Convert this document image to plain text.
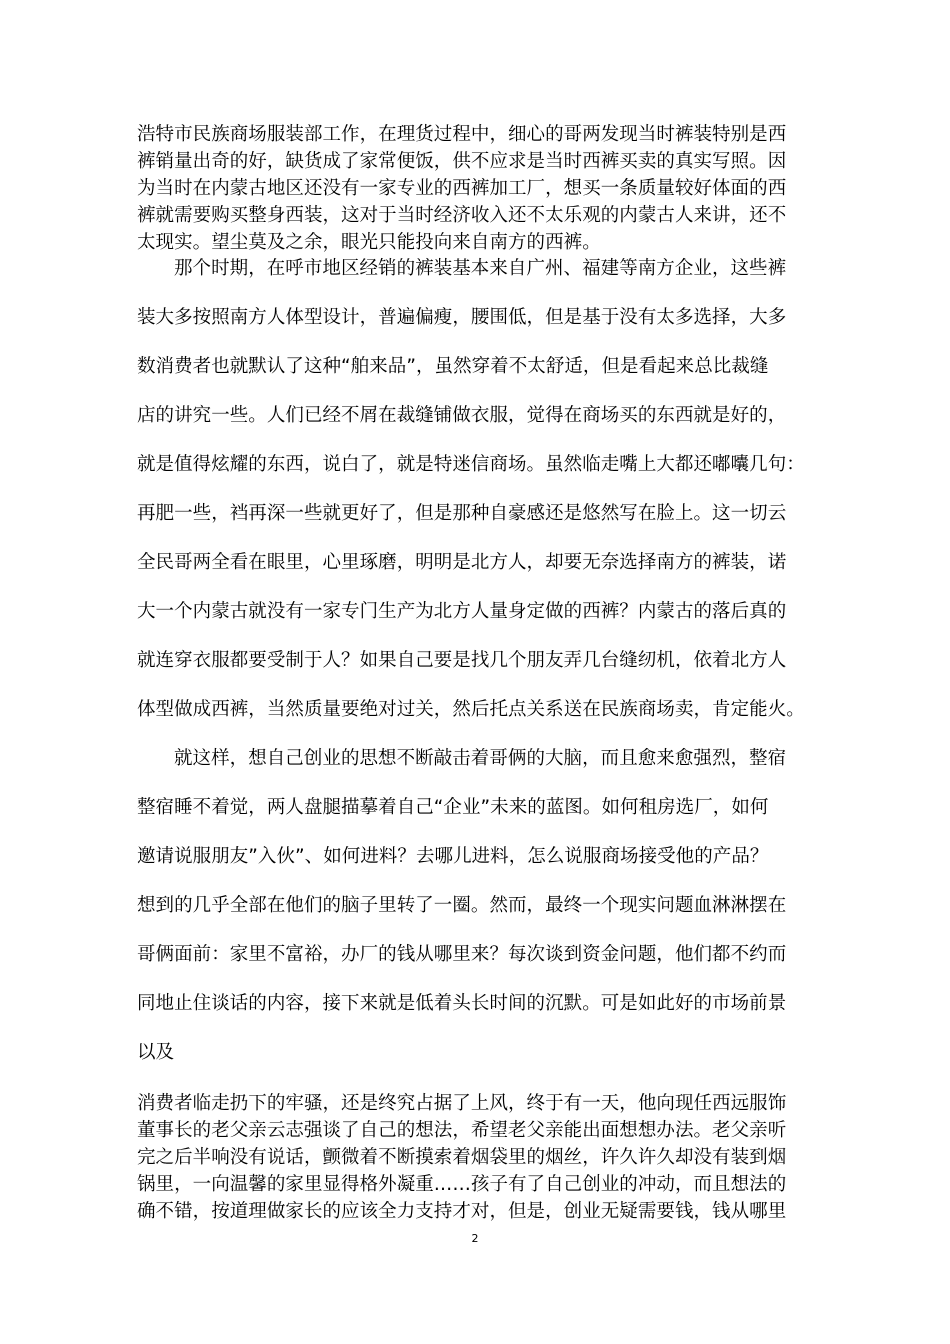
浩特市民族商场服装部工作，在理货过程中，细心的哥两发现当时裤装特别是西
裤销量出奇的好，缺货成了家常便饭，供不应求是当时西裤买卖的真实写照。因
为当时在内蒙古地区还没有一家专业的西裤加工厂，想买一条质量较好体面的西
裤就需要购买整身西装，这对于当时经济收入还不太乐观的内蒙古人来讲，还不
太现实。望尘莫及之余，眼光只能投向来自南方的西裤。
那个时期，在呼市地区经销的裤装基本来自广州、福建等南方企业，这些裤
装大多按照南方人体型设计，普遍偏瘦，腰围低，但是基于没有太多选择，大多
数消费者也就默认了这种“舶来品”，虽然穿着不太舒适，但是看起来总比裁缝
店的讲究一些。人们已经不屑在裁缝铺做衣服，觉得在商场买的东西就是好的，
就是值得炫耀的东西，说白了，就是特迷信商场。虽然临走嘴上大都还嘟囔几句：
再肥一些，裆再深一些就更好了，但是那种自豪感还是悠然写在脸上。这一切云
全民哥两全看在眼里，心里琢磨，明明是北方人，却要无奈选择南方的裤装，诺
大一个内蒙古就没有一家专门生产为北方人量身定做的西裤？内蒙古的落后真的
就连穿衣服都要受制于人？如果自己要是找几个朋友弄几台缝纫机，依着北方人
体型做成西裤，当然质量要绝对过关，然后托点关系送在民族商场卖，肯定能火。
就这样，想自己创业的思想不断敲击着哥俩的大脑，而且愈来愈强烈，整宿
整宿睡不着觉，两人盘腿描摹着自己“企业”未来的蓝图。如何租房选厂，如何
邀请说服朋友”入伙”、如何进料？去哪儿进料，怎么说服商场接受他的产品？
想到的几乎全部在他们的脑子里转了一圈。然而，最终一个现实问题血淋淋摆在
哥俩面前：家里不富裕，办厂的钱从哪里来？每次谈到资金问题，他们都不约而
同地止住谈话的内容，接下来就是低着头长时间的沉默。可是如此好的市场前景
以及
消费者临走扔下的牢骚，还是终究占据了上风，终于有一天，他向现任西远服饰
董事长的老父亲云志强谈了自己的想法，希望老父亲能出面想想办法。老父亲听
完之后半响没有说话，颤微着不断摸索着烟袋里的烟丝，许久许久却没有装到烟
锅里，一向温馨的家里显得格外凝重……孩子有了自己创业的冲动，而且想法的
确不错，按道理做家长的应该全力支持才对，但是，创业无疑需要钱，钱从哪里
2
